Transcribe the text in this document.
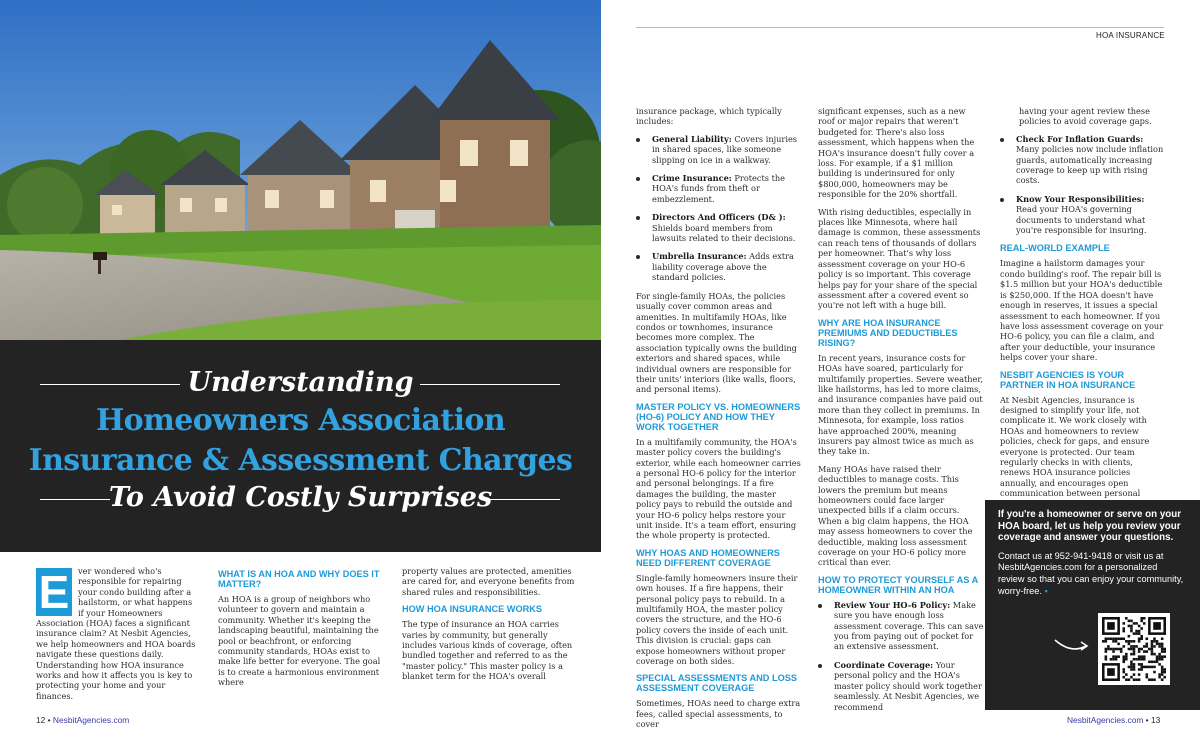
HOA INSURANCE
Understanding
Homeowners Association
Insurance & Assessment Charges
To Avoid Costly Surprises

E	ver wondered who's responsible for repairing your condo building after a hailstorm, or what happens if your Homeowners Association (HOA) faces a significant insurance claim? At Nesbit Agencies, we help homeowners and HOA boards navigate these questions daily. Understanding how HOA insurance works and how it affects you is key to protecting your home and your finances.

WHAT IS AN HOA AND WHY DOES IT MATTER?

An HOA is a group of neighbors who volunteer to govern and maintain a community. Whether it's keeping the landscaping beautiful, maintaining the pool or beachfront, or enforcing community standards, HOAs exist to make life better for everyone. The goal is to create a harmonious environment where

property values are protected, amenities are cared for, and everyone benefits from shared rules and responsibilities.

HOW HOA INSURANCE WORKS

The type of insurance an HOA carries varies by community, but generally includes various kinds of coverage, often bundled together and referred to as the "master policy." This master policy is a blanket term for the HOA's overall

insurance package, which typically includes:

General Liability: Covers injuries in shared spaces, like someone slipping on ice in a walkway.
Crime Insurance: Protects the HOA's funds from theft or embezzlement.
Directors And Officers (D& ): Shields board members from lawsuits related to their decisions.
Umbrella Insurance: Adds extra liability coverage above the standard policies.

For single-family HOAs, the policies usually cover common areas and amenities. In multifamily HOAs, like condos or townhomes, insurance becomes more complex. The association typically owns the building exteriors and shared spaces, while individual owners are responsible for their units' interiors (like walls, floors, and personal items).

MASTER POLICY VS. HOMEOWNERS (HO-6) POLICY AND HOW THEY WORK TOGETHER

In a multifamily community, the HOA's master policy covers the building's exterior, while each homeowner carries a personal HO-6 policy for the interior and personal belongings. If a fire damages the building, the master policy pays to rebuild the outside and your HO-6 policy helps restore your unit inside. It's a team effort, ensuring the whole property is protected.

WHY HOAS AND HOMEOWNERS NEED DIFFERENT COVERAGE

Single-family homeowners insure their own houses. If a fire happens, their personal policy pays to rebuild. In a multifamily HOA, the master policy covers the structure, and the HO-6 policy covers the inside of each unit. This division is crucial: gaps can expose homeowners without proper coverage on both sides.

SPECIAL ASSESSMENTS AND LOSS ASSESSMENT COVERAGE

Sometimes, HOAs need to charge extra fees, called special assessments, to cover

significant expenses, such as a new roof or major repairs that weren't budgeted for. There's also loss assessment, which happens when the HOA's insurance doesn't fully cover a loss. For example, if a $1 million building is underinsured for only $800,000, homeowners may be responsible for the 20% shortfall.

With rising deductibles, especially in places like Minnesota, where hail damage is common, these assessments can reach tens of thousands of dollars per homeowner. That's why loss assessment coverage on your HO-6 policy is so important. This coverage helps pay for your share of the special assessment after a covered event so you're not left with a huge bill.

WHY ARE HOA INSURANCE PREMIUMS AND DEDUCTIBLES RISING?

In recent years, insurance costs for HOAs have soared, particularly for multifamily properties. Severe weather, like hailstorms, has led to more claims, and insurance companies have paid out more than they collect in premiums. In Minnesota, for example, loss ratios have approached 200%, meaning insurers pay almost twice as much as they take in.

Many HOAs have raised their deductibles to manage costs. This lowers the premium but means homeowners could face larger unexpected bills if a claim occurs. When a big claim happens, the HOA may assess homeowners to cover the deductible, making loss assessment coverage on your HO-6 policy more critical than ever.

HOW TO PROTECT YOURSELF AS A HOMEOWNER WITHIN AN HOA
Review Your HO-6 Policy: Make sure you have enough loss assessment coverage. This can save you from paying out of pocket for an extensive assessment.
Coordinate Coverage: Your personal policy and the HOA's master policy should work together seamlessly. At Nesbit Agencies, we recommend

having your agent review these policies to avoid coverage gaps.

Check For Inflation Guards: Many policies now include inflation guards, automatically increasing coverage to keep up with rising costs.
Know Your Responsibilities: Read your HOA's governing documents to understand what you're responsible for insuring.
REAL-WORLD EXAMPLE

Imagine a hailstorm damages your condo building's roof. The repair bill is $1.5 million but your HOA's deductible is $250,000. If the HOA doesn't have enough in reserves, it issues a special assessment to each homeowner. If you have loss assessment coverage on your HO-6 policy, you can file a claim, and after your deductible, your insurance helps cover your share.

NESBIT AGENCIES IS YOUR PARTNER IN HOA INSURANCE

At Nesbit Agencies, insurance is designed to simplify your life, not complicate it. We work closely with HOAs and homeowners to review policies, check for gaps, and ensure everyone is protected. Our team regularly checks in with clients, renews HOA insurance policies annually, and encourages open communication between personal

If you're a homeowner or serve on your HOA board, let us help you review your coverage and answer your questions.
Contact us at 952-941-9418 or visit us at NesbitAgencies.com for a personalized review so that you can enjoy your community, worry-free. ▪
12 • NesbitAgencies.com	NesbitAgencies.com • 13
